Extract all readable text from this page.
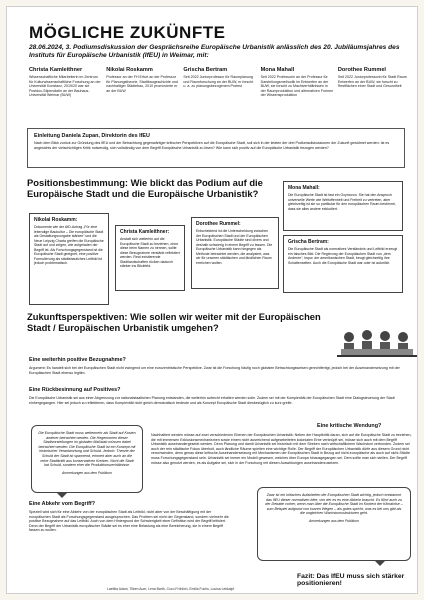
MÖGLICHE ZUKÜNFTE
28.06.2024, 3. Podiumsdiskussion der Gesprächsreihe Europäische Urbanistik anlässlich des 20. Jubiläumsjahres des Instituts für Europäische Urbanistik (IfEU) in Weimar, mit:
Christa Kamleithner
Wissenschaftliche Mitarbeiterin im Zentrum für Kulturwissenschaftliche Forschung an der Universität Konstanz, 2019/20 war sie Postdoc-Stipendiatin an der Bauhaus-Universität Weimar (BUW)
Nikolai Roskamm
Professor an der FH Erfurt an der Professur für Planungstheorie, Stadtbaugeschichte und nachhaltiger Städtebau, 2010 promovierte er an der BUW
Grischa Bertram
Seit 2022 Juniorprofessor für Raumplanung und Raumforschung an der BUW, er forscht u. a. zu planungsbezogenem Protest
Mona Mahall
Seit 2022 Professorin an der Professur für Darstellungsmethodik im Entwerfen an der BUW, sie forscht zu Machtverhältnissen in der Raumproduktion und alternativen Formen der Wissensproduktion
Dorothee Rummel
Seit 2022 Juniorprofessorin für Stadt Raum Entwerfen an der BUW, sie forscht zu Restflächen einer Stadt und Gesundheit
Einleitung Daniela Zupan, Direktorin des IfEU
Nach dem Blick zurück zur Gründung des IfEU und der Betrachtung gegenwärtiger kritischer Perspektiven auf die Europäische Stadt, soll sich in der letzten der drei Podiumsdiskussionen der Zukunft gewidmet werden: Ist es angesichts der vielschichtigen Kritik notwendig, sich vollständig von dem Begriff Europäische Urbanistik zu lösen? Wie kann sich positiv auf die Europäische Urbanistik bezogen werden?
Positionsbestimmung: Wie blickt das Podium auf die Europäische Stadt und die Europäische Urbanistik?	Mona Mahall:
Die Europäische Stadt ist fast ein Oxymoron. Sie hat den Anspruch universelle Werte wie Weltoffenheit und Freiheit zu vertreten, aber gleichzeitig ist sie so partikular für den europäischen Raum bestimmt, dass sie alles andere exkludiert.
Nikolai Roskamm:
Dokumente wie der AfD-Antrag „Für eine lebendige Baukultur – Die europäische Stadt als Gestaltungsvorgabe stärken“ und die Neue Leipzig Charta greifen die Europäische Stadt auf und zeigen, wie aufgeladen der Begriff ist. Als Forschungsgegenstand ist die Europäische Stadt geeignet, eine positive Formulierung als städtebauliches Leitbild ist jedoch problematisch.
Christa Kamleithner:
Anstatt sich weiterhin auf die Europäische Stadt zu beziehen, ohne diese beim Namen zu nennen, sollte diese Bezugnahme verstärkt reflektiert werden. Real existierende Stadtlandschaften rücken dadurch stärker ins Blickfeld.
Dorothee Rummel:
Entscheidend ist die Unterscheidung zwischen der Europäischen Stadt und der Europäischen Urbanistik. Europäische Städte sind divers und deshalb schwierig in einem Begriff zu fassen. Die Europäische Urbanistik kann hingegen als Methode betrachtet werden, die analysiert, was wir für unseren städtischen und ländlichen Raum erreichen wollen.
Grischa Bertram:
Die Europäische Stadt als normatives Verständnis und Leitbild erzeugt ein falsches Bild. Die Regierung der Europäischen Stadt von „dem Anderen“, bspw. der amerikanischen Stadt, beugt gleichzeitig ihre Schattenseiten. Auch die Europäische Stadt war oder ist autoritär.
Zukunftsperspektiven: Wie sollen wir weiter mit der Europäischen Stadt / Europäischen Urbanistik umgehen?
Eine weiterhin positive Bezugnahme?
Argument: Es handelt sich bei der Europäischen Stadt nicht zwingend um eine eurozentristische Perspektive. Zwar ist die Forschung häufig noch globalen Betrachtungsweisen gerechtfertigt, jedoch bei der Auseinandersetzung mit der Europäischen Stadt ebenso legitim.
Eine Rückbesinnung auf Positives?
Die Europäische Urbanistik sei aus einer Abgrenzung zur nationalstaatlichen Planung entstanden, die weiterhin aufrecht erhalten werden solle. Zudem sei mit der Komplexität der Europäischen Stadt eine Dialogsteuerung der Stadt einhergegangen. Hier sei jedoch zu reflektieren, dass Komplexität nicht gleich demokratisch bedeute und als Konzept Europäische Stadt diesbezüglich zu kurz greife.
Die Europäische Stadt muss weitermehr als Stadt auf Kosten anderer betrachtet werden. Die Hegemonien dieser Stadtvorstellungen im globalen Maßstab müssen dabei betrachtet werden. Die Europäische Stadt ist ein Konzept mit historischer Verantwortung und Schuld. Jedoch: Theorie der Schuld der Stadt ist spannend, erinnert aber auch an die reine Stadtkritik aus konservativen Kreisen. Nicht die Stadt hat Schuld, sondern eher die Produktionsverhältnisse.
Anmerkungen aus dem Publikum
Eine kritische Wendung?
Nachhaltiert werden müsse auf zwei verschiedenen Ebenen der Europäischen Urbanistik: Neben der Hauptkritik daran, sich auf die Europäische Stadt zu beziehen, die mit immensen Exklusionsmechanismen sowie einem nicht ausreichend aufgearbeiteten kolonialen Erbe verknüpft sei, müsse sich auch mit dem Begriff Urbanistik auseinandergesetzt werden. Denn Planung und damit Urbanistik sei historisch mit dem Streben nach wirtschaftlichem Wachstum verbunden. Zudem sei auch der rein städtische Fokus überholt, auch ländliche Räume spielten eine wichtige Rolle. Der Begriff der Europäischen Urbanistik dürfe aus diesem Grund nicht verschwinden, denn genau diese kritische Auseinandersetzung mit Mechanismen der Europäischen Stadt in Bezug auf nicht-europäische als auch auf nicht-Städte muss Forschungsgegenstand sein. Urbanistik sei immer ein Modell gewesen, welches über Europa hinausgegangen sei. Dem sollte man sich stellen. Der Begriff müsse also genutzt werden, es als Aufgabe sei, sich in der Forschung mit diesen Auswirkungen auseinanderzusetzen.
Eine Abkehr vom Begriff?
Speziell wird sich für eine Abkehr von der europäischen Stadt als Leitbild, nicht aber von der Beschäftigung mit der europäischen Stadt als Forschungsgegenstand ausgesprochen. Das Problem sei nicht der Gegenstand, sondern vielmehr die positive Bezugnahme auf das Leitbild. Auch von dem Hintergrund der Schwierigkeit einer Definition wird der Begriff kritisiert. Denn der Begriff der Urbanistik europäischer Städte sei es eher eine Belastung als eine Bereicherung, sie in einem Begriff fassen zu wollen.
Zwar ist ein kritisches Aufarbeiten der Europäischen Stadt wichtig, jedoch entstammt das IfEU dieser normativen Idee, von der es es eine Abkehr braucht. Es führt auch zu der Debatte vorher, wenn man über die Europäische Stadt im Kontext der Klimakrise – zum Beispiel aufgrund von kurzen Wegen – als gutes spricht, was es bei uns gibt als die ungleichen Wachstumsstrukturen geht.
Anmerkungen aus dem Publikum
Fazit: Das IfEU muss sich stärker positionieren!
Laetitia Adam, Tilben Auer, Lena Barth, Coco Fröhlich, Emilia Fuchs, Louisa Lekkaipf
